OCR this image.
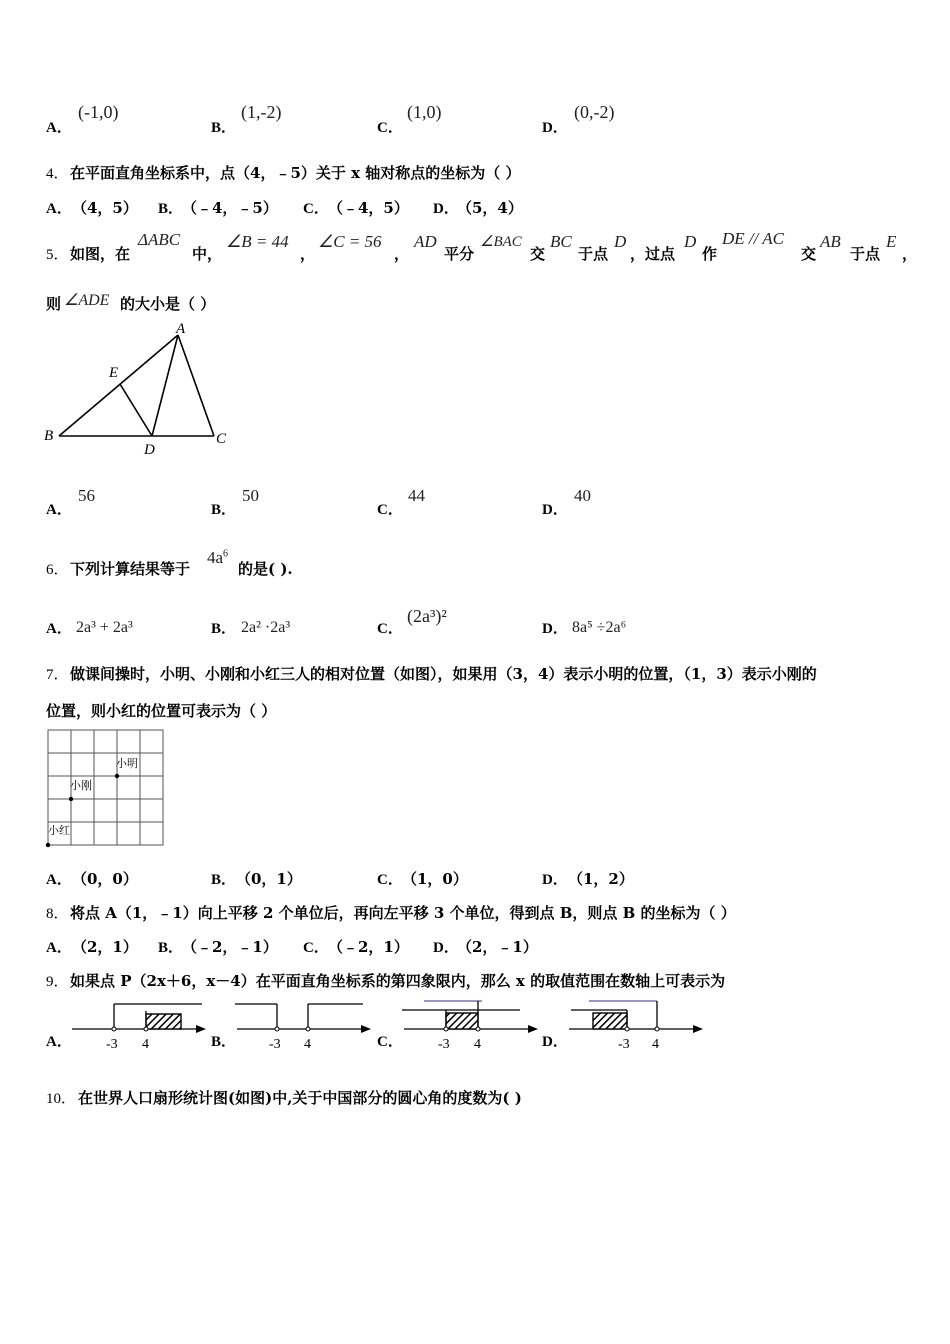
A．
(-1,0)
B．
(1,-2)
C．
(1,0)
D．
(0,-2)
4． 在平面直角坐标系中，点（4，﹣5）关于 x 轴对称点的坐标为（ ）
A． （4，5） B．
（﹣4，﹣5） C． （﹣4，5） D．
（5，4）
5． 如图，在
ΔABC
中，
∠B = 44
，
∠C = 56
，
AD
平分
∠BAC
交
BC
于点
D
，过点
D
作
DE // AC
交
AB
于点
E
，
则 ∠ADE 的大小是（ ）
A
B	C
D
E
A．
56
B．
50
C．
44
D．
40
6． 下列计算结果等于
$4a^6$
的是( ).
A． 2a³ + 2a³	B． 2a² ·2a³	C．
(2a³)²
D． 8a⁵ ÷2a⁶
7． 做课间操时，小明、小刚和小红三人的相对位置（如图），如果用（3，4）表示小明的位置，（1，3）表示小刚的
位置，则小红的位置可表示为（ ）
小明
小刚
小红
A． （0，0）	B． （0，1）	C． （1，0）	D． （1，2）
8． 将点 A（1，﹣1）向上平移 2 个单位后，再向左平移 3 个单位，得到点 B，则点 B 的坐标为（ ）
A． （2，1） B．
（﹣2，﹣1） C． （﹣2，1） D．
（2，﹣1）
9． 如果点 P（2x＋6，x－4）在平面直角坐标系的第四象限内，那么 x 的取值范围在数轴上可表示为
A． -3 4	B． -3 4	C．	-3 4	D．	-3 4
10． 在世界人口扇形统计图(如图)中,关于中国部分的圆心角的度数为( )
